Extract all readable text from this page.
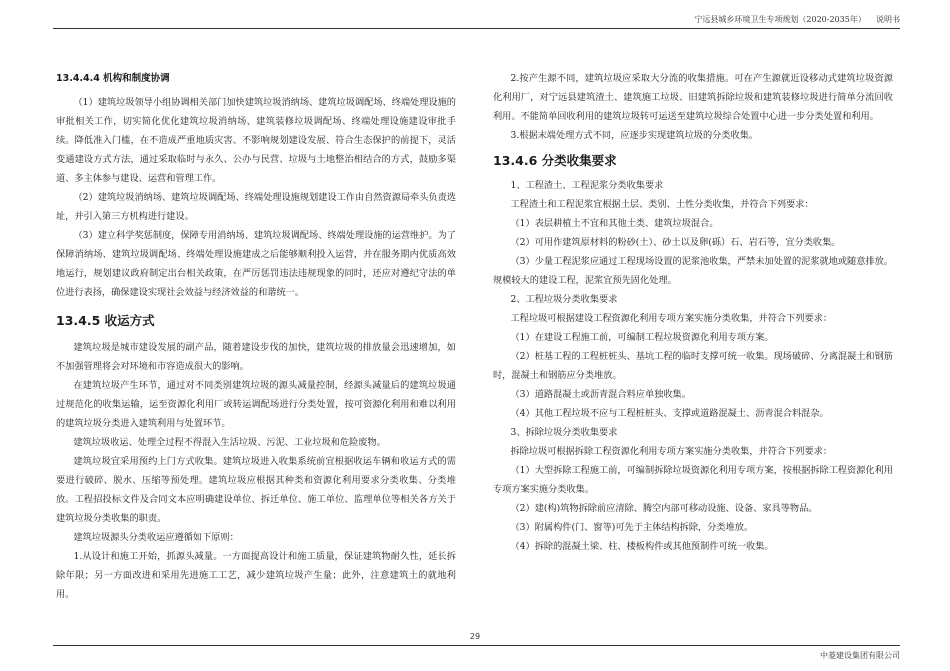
宁远县城乡环境卫生专项规划（2020-2035年） 说明书

13.4.4.4 机构和制度协调

（1）建筑垃圾领导小组协调相关部门加快建筑垃圾消纳场、建筑垃圾调配场、终端处理设施的审批相关工作，切实简化优化建筑垃圾消纳场、建筑装修垃圾调配场、终端处理设施建设审批手续。降低准入门槛，在不造成严重地质灾害、不影响规划建设发展、符合生态保护的前提下，灵活变通建设方式方法，通过采取临时与永久、公办与民营、垃圾与土地整治相结合的方式，鼓励多渠道、多主体参与建设、运营和管理工作。

（2）建筑垃圾消纳场、建筑垃圾调配场、终端处理设施规划建设工作由自然资源局牵头负责选址，并引入第三方机构进行建设。

（3）建立科学奖惩制度，保障专用消纳场、建筑垃圾调配场、终端处理设施的运营维护。为了保障消纳场、建筑垃圾调配场、终端处理设施建成之后能够顺利投入运营，并在服务期内优质高效地运行，规划建议政府制定出台相关政策，在严厉惩罚违法违规现象的同时，还应对遵纪守法的单位进行表扬，确保建设实现社会效益与经济效益的和谐统一。

13.4.5 收运方式

建筑垃圾是城市建设发展的副产品，随着建设步伐的加快，建筑垃圾的排放量会迅速增加，如不加强管理将会对环境和市容造成很大的影响。

在建筑垃圾产生环节，通过对不同类别建筑垃圾的源头减量控制，经源头减量后的建筑垃圾通过规范化的收集运输，运至资源化利用厂或转运调配场进行分类处置，按可资源化利用和难以利用的建筑垃圾分类进入建筑利用与处置环节。

建筑垃圾收运、处理全过程不得混入生活垃圾、污泥、工业垃圾和危险废物。

建筑垃圾宜采用预约上门方式收集。建筑垃圾进入收集系统前宜根据收运车辆和收运方式的需要进行破碎、脱水、压缩等预处理。建筑垃圾应根据其种类和资源化利用要求分类收集、分类堆放。工程招投标文件及合同文本应明确建设单位、拆迁单位、施工单位、监理单位等相关各方关于建筑垃圾分类收集的职责。

建筑垃圾源头分类收运应遵循如下原则：

1.从设计和施工开始，抓源头减量。一方面提高设计和施工质量，保证建筑物耐久性，延长拆除年限；另一方面改进和采用先进施工工艺，减少建筑垃圾产生量；此外，注意建筑土的就地利用。

2.按产生源不同，建筑垃圾应采取大分流的收集措施。可在产生源就近设移动式建筑垃圾资源化利用厂，对宁远县建筑渣土、建筑施工垃圾、旧建筑拆除垃圾和建筑装修垃圾进行简单分流回收利用。不能简单回收利用的建筑垃圾转可运送至建筑垃圾综合处置中心进一步分类处置和利用。

3.根据末端处理方式不同，应逐步实现建筑垃圾的分类收集。

13.4.6 分类收集要求

1、工程渣土、工程泥浆分类收集要求

工程渣土和工程泥浆宜根据土层、类别、土性分类收集，并符合下列要求：

（1）表层耕植土不宜和其他土类、建筑垃圾混合。

（2）可用作建筑原材料的粉砂(土）、砂土以及卵(砾）石、岩石等，宜分类收集。

（3）少量工程泥浆应通过工程现场设置的泥浆池收集，严禁未加处置的泥浆就地或随意排放。规模较大的建设工程，泥浆宜预先固化处理。

2、工程垃圾分类收集要求

工程垃圾可根据建设工程资源化利用专项方案实施分类收集，并符合下列要求：

（1）在建设工程施工前，可编制工程垃圾资源化利用专项方案。

（2）桩基工程的工程桩桩头、基坑工程的临时支撑可统一收集。现场破碎、分离混凝土和钢筋时，混凝土和钢筋应分类堆放。

（3）道路混凝土或沥青混合料应单独收集。

（4）其他工程垃圾不应与工程桩桩头、支撑或道路混凝土、沥青混合料混杂。

3、拆除垃圾分类收集要求

拆除垃圾可根据拆除工程资源化利用专项方案实施分类收集，并符合下列要求：

（1）大型拆除工程施工前，可编制拆除垃圾资源化利用专项方案，按根据拆除工程资源化利用专项方案实施分类收集。

（2）建(构)筑物拆除前应清除、腾空内部可移动设施、设备、家具等物品。

（3）附属构件(门、窗等)可先于主体结构拆除，分类堆放。

（4）拆除的混凝土梁、柱、楼板构件或其他预制件可统一收集。

29
中菱建设集团有限公司
